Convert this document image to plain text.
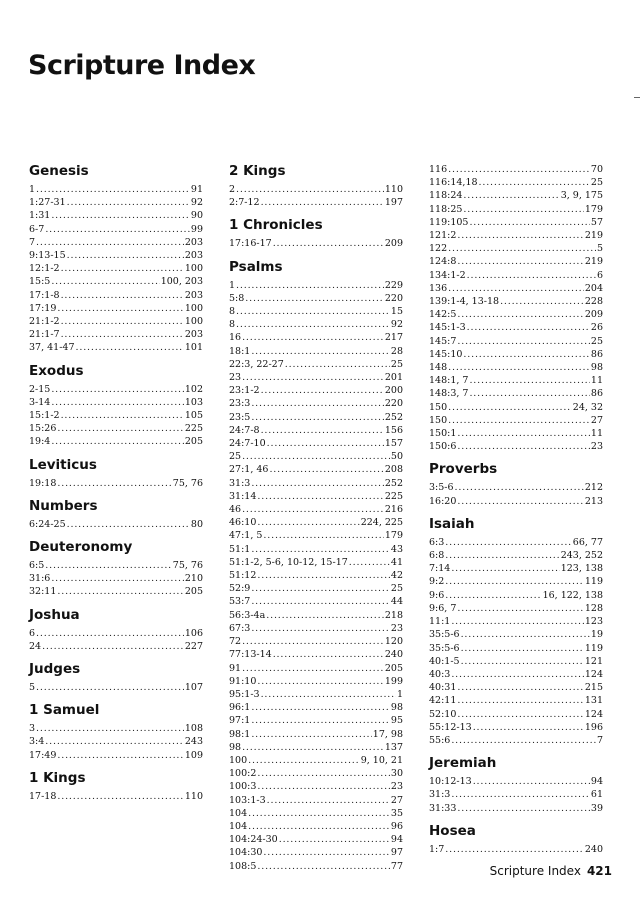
Scripture Index
Genesis
1 . . .	91
1:27-31 . . .	92
1:31 . . .	90
6-7 . . .	99
7 . . .	203
9:13-15 . . .	203
12:1-2 . . .	100
15:5 . . .	100, 203
17:1-8 . . .	203
17:19 . . .	100
21:1-2 . . .	100
21:1-7 . . .	203
37, 41-47 . . .	101
Exodus
2-15 . . .	102
3-14 . . .	103
15:1-2 . . .	105
15:26 . . .	225
19:4 . . .	205
Leviticus
19:18 . . .	75, 76
Numbers
6:24-25 . . .	80
Deuteronomy
6:5 . . .	75, 76
31:6 . . .	210
32:11 . . .	205
Joshua
6 . . .	106
24 . . .	227
Judges
5 . . .	107
1 Samuel
3 . . .	108
3:4 . . .	243
17:49 . . .	109
1 Kings
17-18 . . .	110
2 Kings
2 . . .	110
2:7-12 . . .	197
1 Chronicles
17:16-17 . . .	209
Psalms
1 . . .	229
5:8 . . .	220
8 . . .	15
8 . . .	92
16 . . .	217
18:1 . . .	28
22:3, 22-27 . . .	25
23 . . .	201
23:1-2 . . .	200
23:3 . . .	220
23:5 . . .	252
24:7-8 . . .	156
24:7-10 . . .	157
25 . . .	50
27:1, 46 . . .	208
31:3 . . .	252
31:14 . . .	225
46 . . .	216
46:10 . . .	224, 225
47:1, 5 . . .	179
51:1 . . .	43
51:1-2, 5-6, 10-12, 15-17 . . .	41
51:12 . . .	42
52:9 . . .	25
53:7 . . .	44
56:3-4a . . .	218
67:3 . . .	23
72 . . .	120
77:13-14 . . .	240
91 . . .	205
91:10 . . .	199
95:1-3 . . .	1
96:1 . . .	98
97:1 . . .	95
98:1 . . .	17, 98
98 . . .	137
100 . . .	9, 10, 21
100:2 . . .	30
100:3 . . .	23
103:1-3 . . .	27
104 . . .	35
104 . . .	96
104:24-30 . . .	94
104:30 . . .	97
108:5 . . .	77
116 . . .	70
116:14,18 . . .	25
118:24 . . .	3, 9, 175
118:25 . . .	179
119:105 . . .	57
121:2 . . .	219
122 . . .	5
124:8 . . .	219
134:1-2 . . .	6
136 . . .	204
139:1-4, 13-18 . . .	228
142:5 . . .	209
145:1-3 . . .	26
145:7 . . .	25
145:10 . . .	86
148 . . .	98
148:1, 7 . . .	11
148:3, 7 . . .	86
150 . . .	24, 32
150 . . .	27
150:1 . . .	11
150:6 . . .	23
Proverbs
3:5-6 . . .	212
16:20 . . .	213
Isaiah
6:3 . . .	66, 77
6:8 . . .	243, 252
7:14 . . .	123, 138
9:2 . . .	119
9:6 . . .	16, 122, 138
9:6, 7 . . .	128
11:1 . . .	123
35:5-6 . . .	19
35:5-6 . . .	119
40:1-5 . . .	121
40:3 . . .	124
40:31 . . .	215
42:11 . . .	131
52:10 . . .	124
55:12-13 . . .	196
55:6 . . .	7
Jeremiah
10:12-13 . . .	94
31:3 . . .	61
31:33 . . .	39
Hosea
1:7 . . .	240
Scripture Index 421
